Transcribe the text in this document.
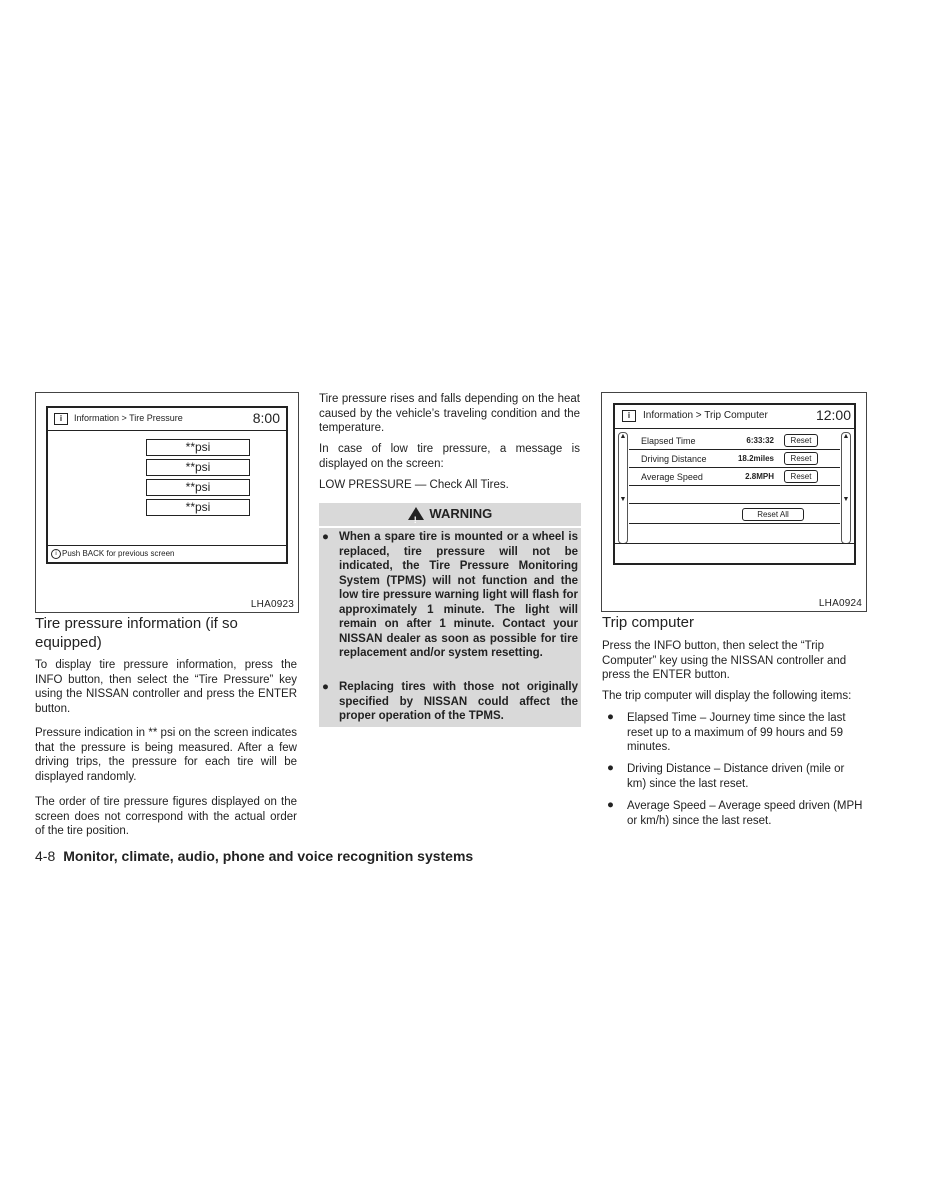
i	Information > Tire Pressure	8:00
**psi
**psi
**psi
**psi
i Push BACK for previous screen
LHA0923

Tire pressure information (if so equipped)

To display tire pressure information, press the INFO button, then select the “Tire Pressure” key using the NISSAN controller and press the ENTER button.

Pressure indication in ** psi on the screen indicates that the pressure is being measured. After a few driving trips, the pressure for each tire will be displayed randomly.

The order of tire pressure figures displayed on the screen does not correspond with the actual order of the tire position.

Tire pressure rises and falls depending on the heat caused by the vehicle’s traveling condition and the temperature.

In case of low tire pressure, a message is displayed on the screen:

LOW PRESSURE — Check All Tires.

! WARNING
● When a spare tire is mounted or a wheel is replaced, tire pressure will not be indicated, the Tire Pressure Monitoring System (TPMS) will not function and the low tire pressure warning light will flash for approximately 1 minute. The light will remain on after 1 minute. Contact your NISSAN dealer as soon as possible for tire replacement and/or system resetting.

● Replacing tires with those not originally specified by NISSAN could affect the proper operation of the TPMS.

i	Information > Trip Computer	12:00
▲

▼
▲

▼
Elapsed Time	6:33:32	Reset
Driving Distance	18.2miles	Reset
Average Speed	2.8MPH	Reset
Reset All
LHA0924

Trip computer

Press the INFO button, then select the “Trip Computer” key using the NISSAN controller and press the ENTER button.

The trip computer will display the following items:

● Elapsed Time – Journey time since the last reset up to a maximum of 99 hours and 59 minutes.

● Driving Distance – Distance driven (mile or km) since the last reset.

● Average Speed – Average speed driven (MPH or km/h) since the last reset.

4-8 Monitor, climate, audio, phone and voice recognition systems
